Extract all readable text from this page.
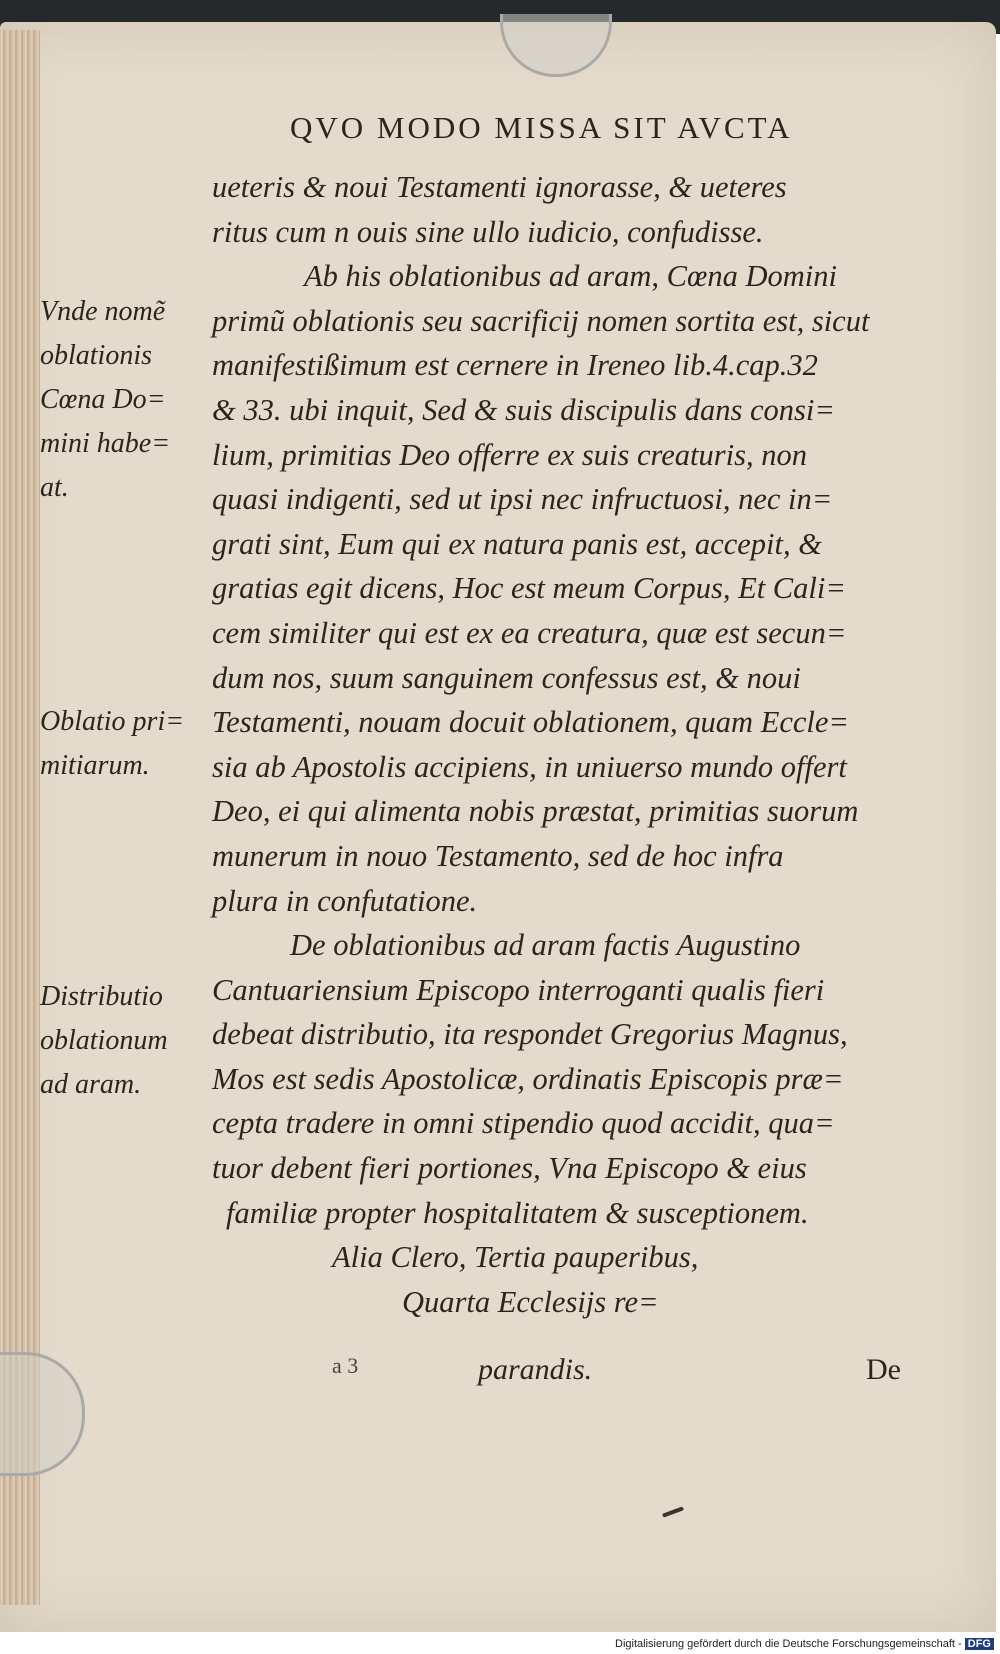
QVO MODO MISSA SIT AVCTA
Vnde nomẽ
oblationis
Cœna Do=
mini habe=
at.
Oblatio pri=
mitiarum.
Distributio
oblationum
ad aram.
ueteris & noui Testamenti ignorasse, & ueteres
ritus cum n ouis sine ullo iudicio, confudisse.
Ab his oblationibus ad aram, Cœna Domini
primũ oblationis seu sacrificij nomen sortita est, sicut
manifestißimum est cernere in Ireneo lib.4.cap.32
& 33. ubi inquit, Sed & suis discipulis dans consi=
lium, primitias Deo offerre ex suis creaturis, non
quasi indigenti, sed ut ipsi nec infructuosi, nec in=
grati sint, Eum qui ex natura panis est, accepit, &
gratias egit dicens, Hoc est meum Corpus, Et Cali=
cem similiter qui est ex ea creatura, quæ est secun=
dum nos, suum sanguinem confessus est, & noui
Testamenti, nouam docuit oblationem, quam Eccle=
sia ab Apostolis accipiens, in uniuerso mundo offert
Deo, ei qui alimenta nobis præstat, primitias suorum
munerum in nouo Testamento, sed de hoc infra
plura in confutatione.
De oblationibus ad aram factis Augustino
Cantuariensium Episcopo interroganti qualis fieri
debeat distributio, ita respondet Gregorius Magnus,
Mos est sedis Apostolicæ, ordinatis Episcopis præ=
cepta tradere in omni stipendio quod accidit, qua=
tuor debent fieri portiones, Vna Episcopo & eius
familiæ propter hospitalitatem & susceptionem.
Alia Clero, Tertia pauperibus,
Quarta Ecclesijs re=
a 3	parandis.	De
Digitalisierung gefördert durch die Deutsche Forschungsgemeinschaft - DFG
